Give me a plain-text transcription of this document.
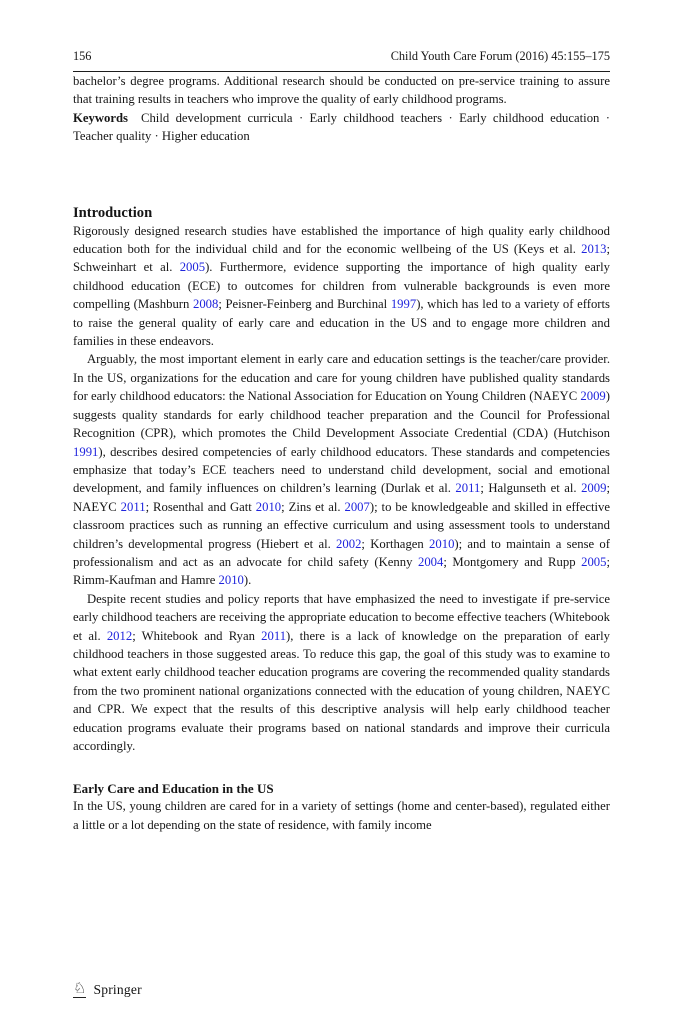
156	Child Youth Care Forum (2016) 45:155–175

bachelor’s degree programs. Additional research should be conducted on pre-service training to assure that training results in teachers who improve the quality of early childhood programs.

Keywords Child development curricula · Early childhood teachers · Early childhood education · Teacher quality · Higher education

Introduction

Rigorously designed research studies have established the importance of high quality early childhood education both for the individual child and for the economic wellbeing of the US (Keys et al. 2013; Schweinhart et al. 2005). Furthermore, evidence supporting the importance of high quality early childhood education (ECE) to outcomes for children from vulnerable backgrounds is even more compelling (Mashburn 2008; Peisner-Feinberg and Burchinal 1997), which has led to a variety of efforts to raise the general quality of early care and education in the US and to engage more children and families in these endeavors.

Arguably, the most important element in early care and education settings is the teacher/care provider. In the US, organizations for the education and care for young children have published quality standards for early childhood educators: the National Association for Education on Young Children (NAEYC 2009) suggests quality standards for early childhood teacher preparation and the Council for Professional Recognition (CPR), which promotes the Child Development Associate Credential (CDA) (Hutchison 1991), describes desired competencies of early childhood educators. These standards and competencies emphasize that today’s ECE teachers need to understand child development, social and emotional development, and family influences on children’s learning (Durlak et al. 2011; Halgunseth et al. 2009; NAEYC 2011; Rosenthal and Gatt 2010; Zins et al. 2007); to be knowledgeable and skilled in effective classroom practices such as running an effective curriculum and using assessment tools to understand children’s developmental progress (Hiebert et al. 2002; Korthagen 2010); and to maintain a sense of professionalism and act as an advocate for child safety (Kenny 2004; Montgomery and Rupp 2005; Rimm-Kaufman and Hamre 2010).

Despite recent studies and policy reports that have emphasized the need to investigate if pre-service early childhood teachers are receiving the appropriate education to become effective teachers (Whitebook et al. 2012; Whitebook and Ryan 2011), there is a lack of knowledge on the preparation of early childhood teachers in those suggested areas. To reduce this gap, the goal of this study was to examine to what extent early childhood teacher education programs are covering the recommended quality standards from the two prominent national organizations connected with the education of young children, NAEYC and CPR. We expect that the results of this descriptive analysis will help early childhood teacher education programs evaluate their programs based on national standards and improve their curricula accordingly.

Early Care and Education in the US

In the US, young children are cared for in a variety of settings (home and center-based), regulated either a little or a lot depending on the state of residence, with family income

♘ Springer
